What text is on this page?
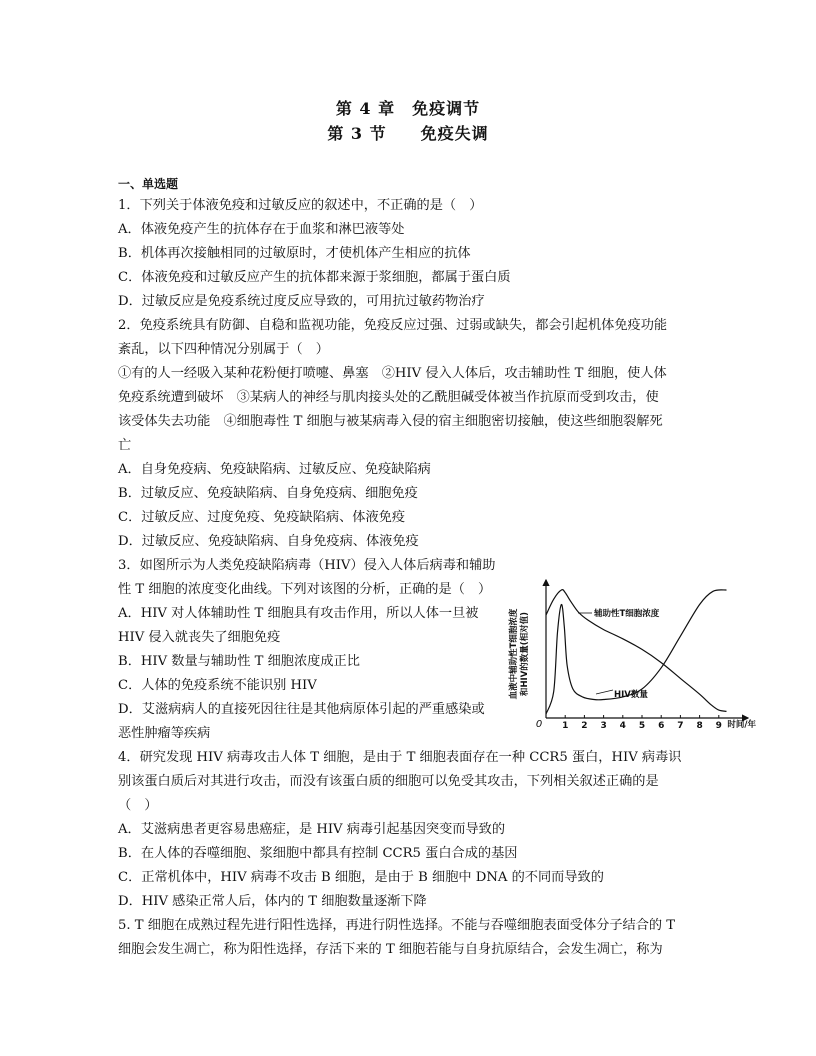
第 4 章　免疫调节
第 3 节　　免疫失调
一、单选题
1．下列关于体液免疫和过敏反应的叙述中，不正确的是（　）
A．体液免疫产生的抗体存在于血浆和淋巴液等处
B．机体再次接触相同的过敏原时，才使机体产生相应的抗体
C．体液免疫和过敏反应产生的抗体都来源于浆细胞，都属于蛋白质
D．过敏反应是免疫系统过度反应导致的，可用抗过敏药物治疗
2．免疫系统具有防御、自稳和监视功能，免疫反应过强、过弱或缺失，都会引起机体免疫功能
紊乱，以下四种情况分别属于（　）
①有的人一经吸入某种花粉便打喷嚏、鼻塞　②HIV 侵入人体后，攻击辅助性 T 细胞，使人体
免疫系统遭到破坏　③某病人的神经与肌肉接头处的乙酰胆碱受体被当作抗原而受到攻击，使
该受体失去功能　④细胞毒性 T 细胞与被某病毒入侵的宿主细胞密切接触，使这些细胞裂解死
亡
A．自身免疫病、免疫缺陷病、过敏反应、免疫缺陷病
B．过敏反应、免疫缺陷病、自身免疫病、细胞免疫
C．过敏反应、过度免疫、免疫缺陷病、体液免疫
D．过敏反应、免疫缺陷病、自身免疫病、体液免疫
3．如图所示为人类免疫缺陷病毒（HIV）侵入人体后病毒和辅助
性 T 细胞的浓度变化曲线。下列对该图的分析，正确的是（　）
A．HIV 对人体辅助性 T 细胞具有攻击作用，所以人体一旦被
HIV 侵入就丧失了细胞免疫
B．HIV 数量与辅助性 T 细胞浓度成正比
C．人体的免疫系统不能识别 HIV
D．艾滋病病人的直接死因往往是其他病原体引起的严重感染或
恶性肿瘤等疾病
血液中辅助性T细胞浓度 和HIV的数量(相对值)
0 1 2 3 4 5 6 7 8 9 时间/年
辅助性T细胞浓度
HIV数量
4．研究发现 HIV 病毒攻击人体 T 细胞，是由于 T 细胞表面存在一种 CCR5 蛋白，HIV 病毒识
别该蛋白质后对其进行攻击，而没有该蛋白质的细胞可以免受其攻击，下列相关叙述正确的是
（　）
A．艾滋病患者更容易患癌症，是 HIV 病毒引起基因突变而导致的
B．在人体的吞噬细胞、浆细胞中都具有控制 CCR5 蛋白合成的基因
C．正常机体中，HIV 病毒不攻击 B 细胞，是由于 B 细胞中 DNA 的不同而导致的
D．HIV 感染正常人后，体内的 T 细胞数量逐渐下降
5. T 细胞在成熟过程先进行阳性选择，再进行阴性选择。不能与吞噬细胞表面受体分子结合的 T
细胞会发生凋亡，称为阳性选择，存活下来的 T 细胞若能与自身抗原结合，会发生凋亡，称为
